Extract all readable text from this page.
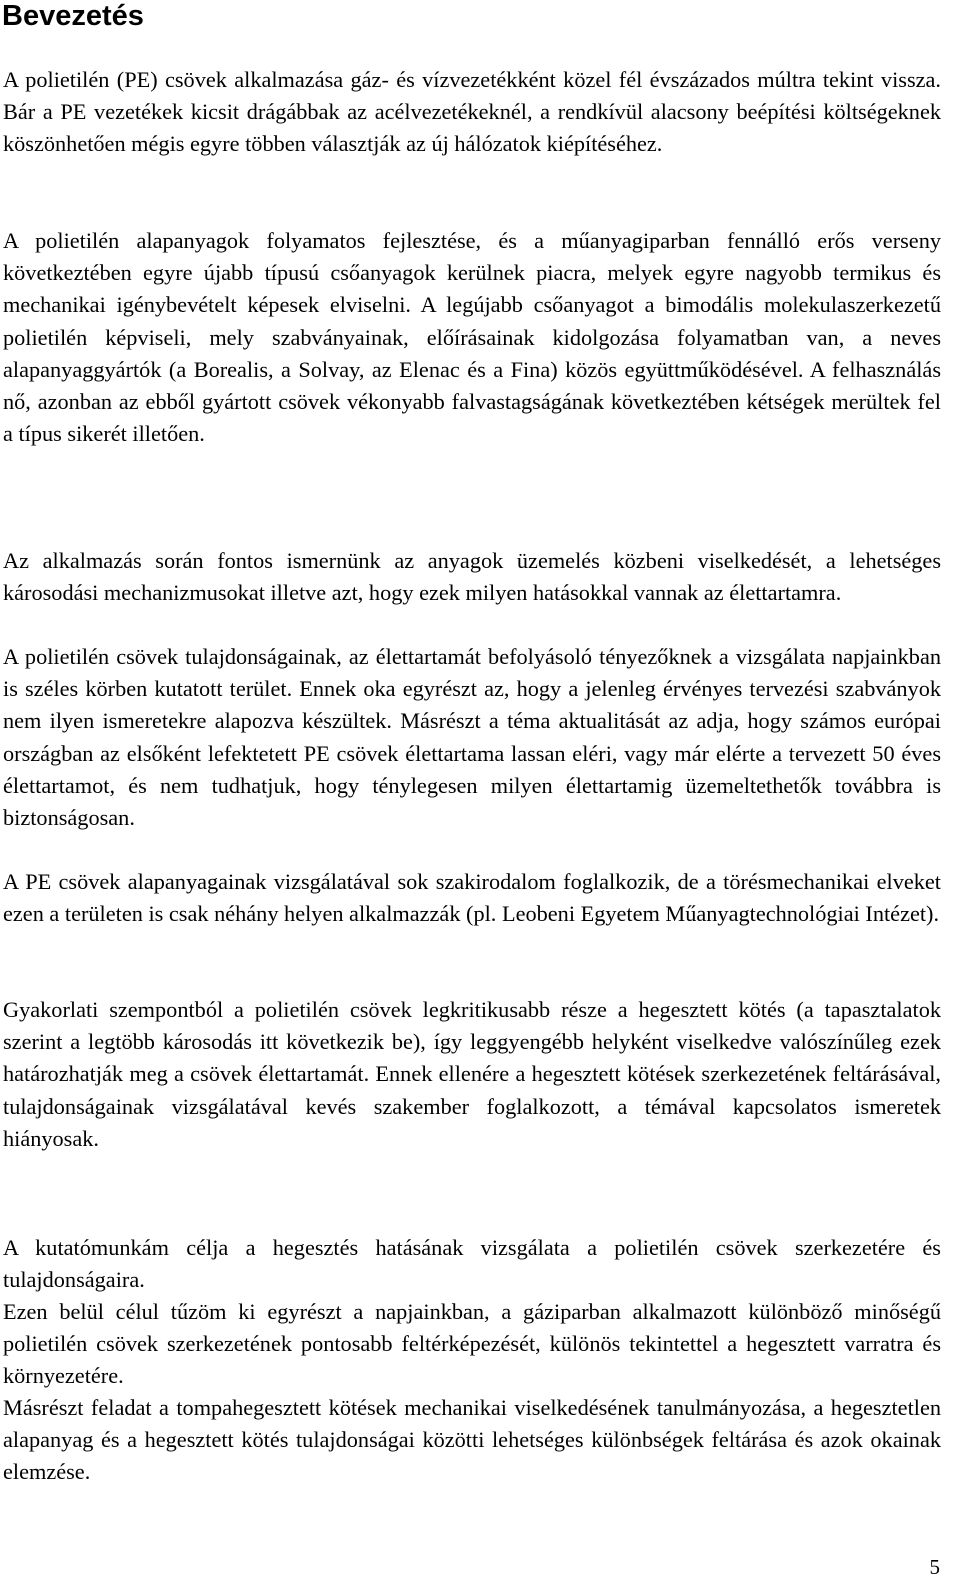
Bevezetés

A polietilén (PE) csövek alkalmazása gáz- és vízvezetékként közel fél évszázados múltra tekint vissza. Bár a PE vezetékek kicsit drágábbak az acélvezetékeknél, a rendkívül alacsony beépítési költségeknek köszönhetően mégis egyre többen választják az új hálózatok kiépítéséhez.

A polietilén alapanyagok folyamatos fejlesztése, és a műanyagiparban fennálló erős verseny következtében egyre újabb típusú csőanyagok kerülnek piacra, melyek egyre nagyobb termikus és mechanikai igénybevételt képesek elviselni. A legújabb csőanyagot a bimodális molekulaszerkezetű polietilén képviseli, mely szabványainak, előírásainak kidolgozása folyamatban van, a neves alapanyaggyártók (a Borealis, a Solvay, az Elenac és a Fina) közös együttműködésével. A felhasználás nő, azonban az ebből gyártott csövek vékonyabb falvastagságának következtében kétségek merültek fel a típus sikerét illetően.

Az alkalmazás során fontos ismernünk az anyagok üzemelés közbeni viselkedését, a lehetséges károsodási mechanizmusokat illetve azt, hogy ezek milyen hatásokkal vannak az élettartamra.

A polietilén csövek tulajdonságainak, az élettartamát befolyásoló tényezőknek a vizsgálata napjainkban is széles körben kutatott terület. Ennek oka egyrészt az, hogy a jelenleg érvényes tervezési szabványok nem ilyen ismeretekre alapozva készültek. Másrészt a téma aktualitását az adja, hogy számos európai országban az elsőként lefektetett PE csövek élettartama lassan eléri, vagy már elérte a tervezett 50 éves élettartamot, és nem tudhatjuk, hogy ténylegesen milyen élettartamig üzemeltethetők továbbra is biztonságosan.

A PE csövek alapanyagainak vizsgálatával sok szakirodalom foglalkozik, de a törésmechanikai elveket ezen a területen is csak néhány helyen alkalmazzák (pl. Leobeni Egyetem Műanyagtechnológiai Intézet).

Gyakorlati szempontból a polietilén csövek legkritikusabb része a hegesztett kötés (a tapasztalatok szerint a legtöbb károsodás itt következik be), így leggyengébb helyként viselkedve valószínűleg ezek határozhatják meg a csövek élettartamát. Ennek ellenére a hegesztett kötések szerkezetének feltárásával, tulajdonságainak vizsgálatával kevés szakember foglalkozott, a témával kapcsolatos ismeretek hiányosak.

A kutatómunkám célja a hegesztés hatásának vizsgálata a polietilén csövek szerkezetére és tulajdonságaira.

Ezen belül célul tűzöm ki egyrészt a napjainkban, a gáziparban alkalmazott különböző minőségű polietilén csövek szerkezetének pontosabb feltérképezését, különös tekintettel a hegesztett varratra és környezetére.

Másrészt feladat a tompahegesztett kötések mechanikai viselkedésének tanulmányozása, a hegesztetlen alapanyag és a hegesztett kötés tulajdonságai közötti lehetséges különbségek feltárása és azok okainak elemzése.

5
